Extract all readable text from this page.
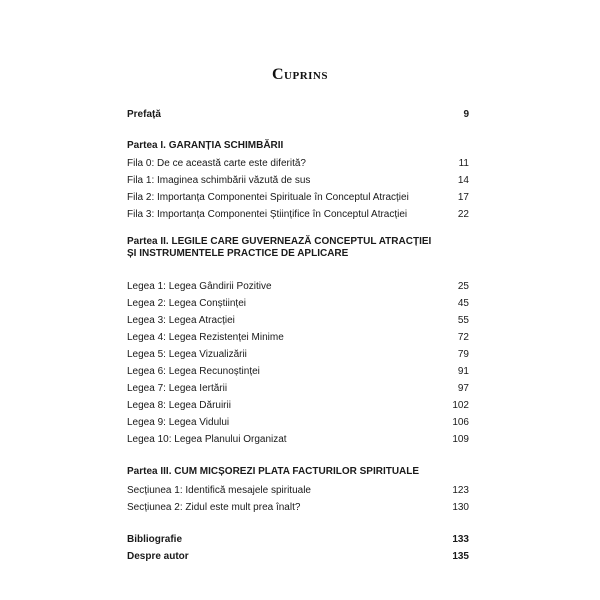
Cuprins
Prefață	9
Partea I. GARANȚIA SCHIMBĂRII
Fila 0: De ce această carte este diferită?	11
Fila 1: Imaginea schimbării văzută de sus	14
Fila 2: Importanța Componentei Spirituale în Conceptul Atracției	17
Fila 3: Importanța Componentei Științifice în Conceptul Atracției	22
Partea II. LEGILE CARE GUVERNEAZĂ CONCEPTUL ATRACȚIEI
ȘI INSTRUMENTELE PRACTICE DE APLICARE
Legea 1: Legea Gândirii Pozitive	25
Legea 2: Legea Conștiinței	45
Legea 3: Legea Atracției	55
Legea 4: Legea Rezistenței Minime	72
Legea 5: Legea Vizualizării	79
Legea 6: Legea Recunoștinței	91
Legea 7: Legea Iertării	97
Legea 8: Legea Dăruirii	102
Legea 9: Legea Vidului	106
Legea 10: Legea Planului Organizat	109
Partea III. CUM MICȘOREZI PLATA FACTURILOR SPIRITUALE
Secțiunea 1: Identifică mesajele spirituale	123
Secțiunea 2: Zidul este mult prea înalt?	130
Bibliografie	133
Despre autor	135
